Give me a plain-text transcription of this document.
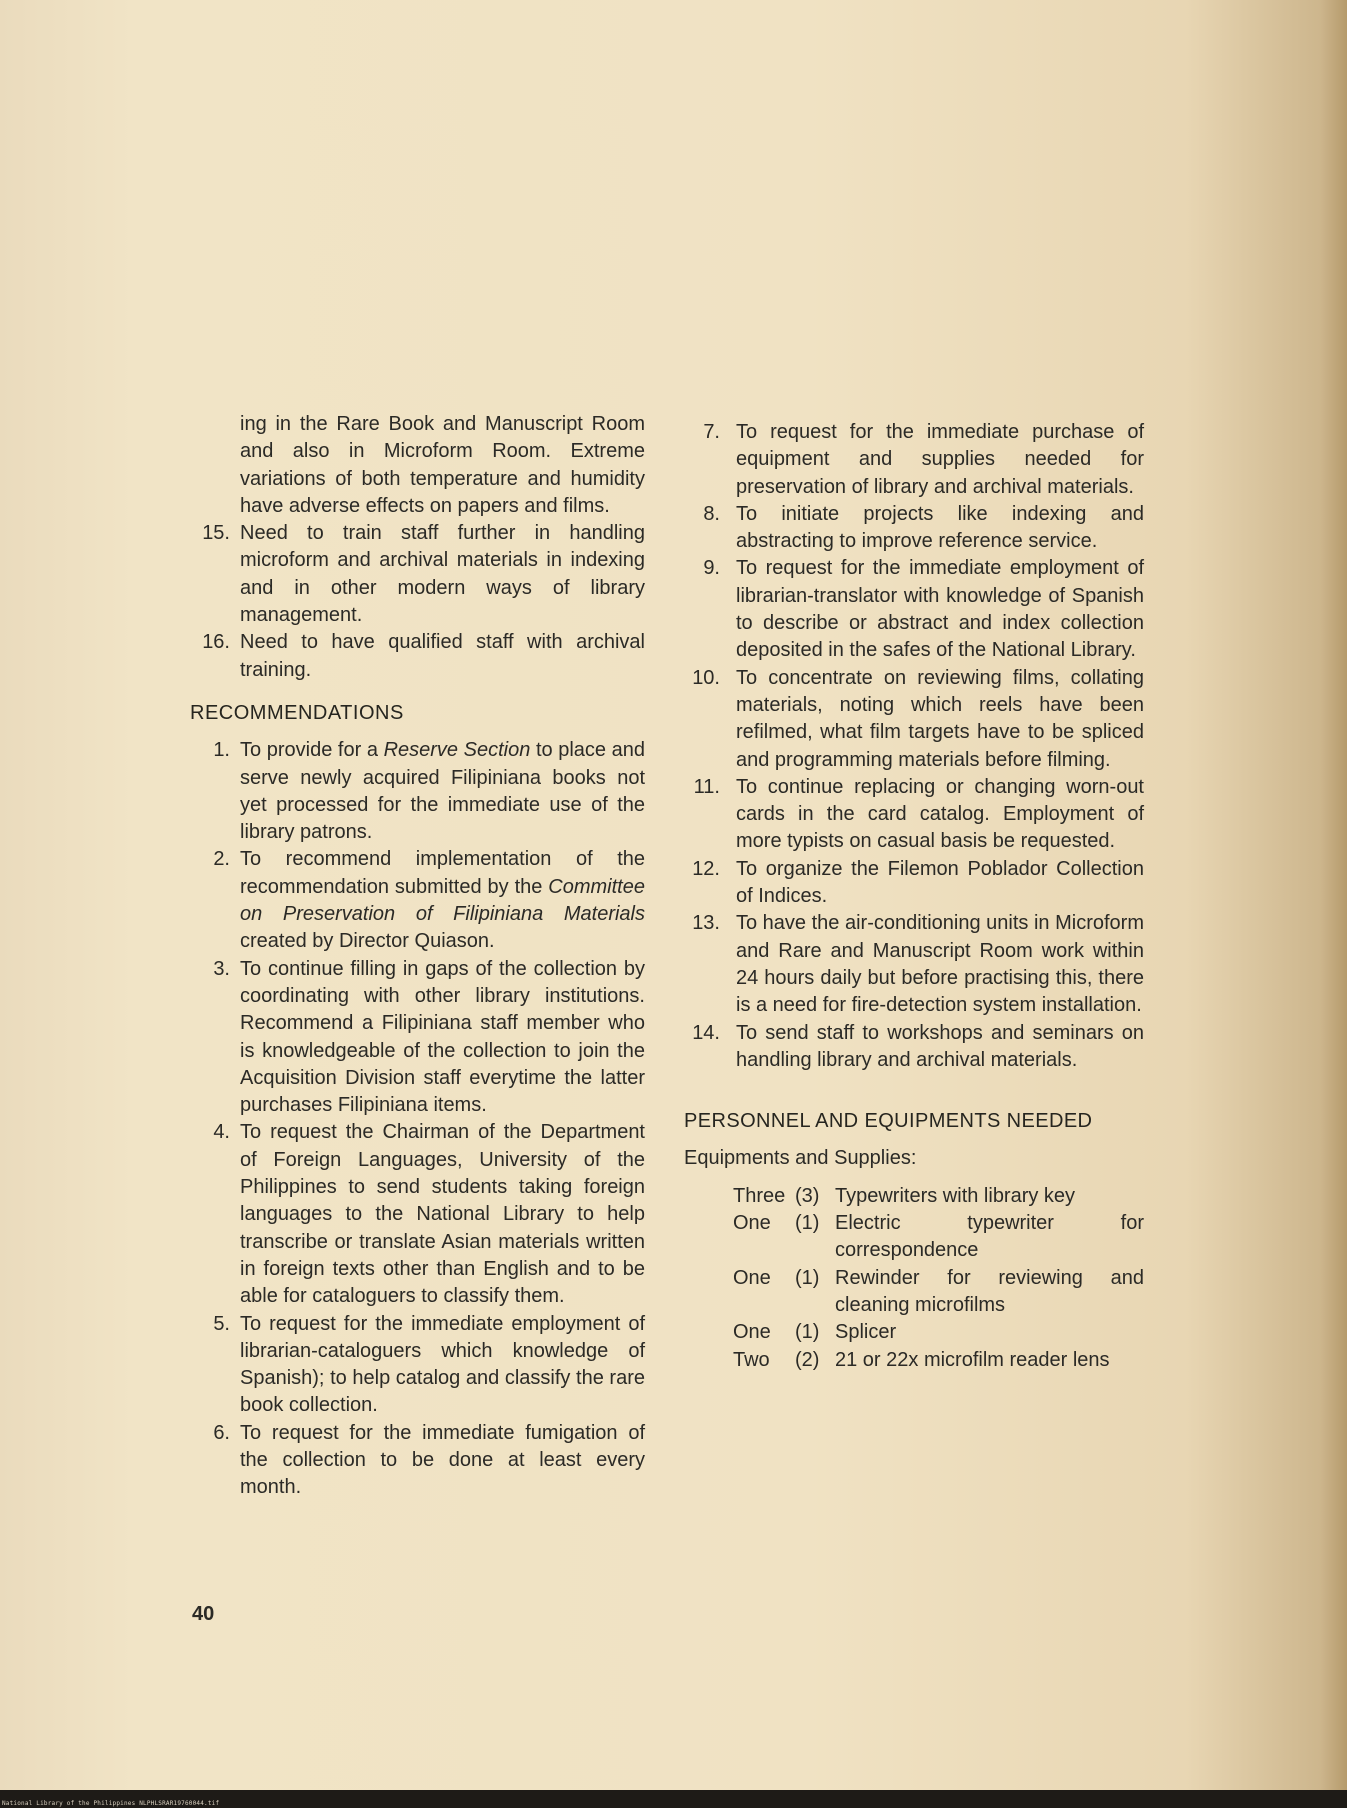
ing in the Rare Book and Manuscript Room and also in Microform Room. Extreme variations of both temperature and humidity have adverse effects on papers and films.

15. Need to train staff further in handling microform and archival materials in indexing and in other modern ways of library management.
16. Need to have qualified staff with archival training.
RECOMMENDATIONS
1. To provide for a Reserve Section to place and serve newly acquired Filipiniana books not yet processed for the immediate use of the library patrons.
2. To recommend implementation of the recommendation submitted by the Committee on Preservation of Filipiniana Materials created by Director Quiason.
3. To continue filling in gaps of the collection by coordinating with other library institutions. Recommend a Filipiniana staff member who is knowledgeable of the collection to join the Acquisition Division staff everytime the latter purchases Filipiniana items.
4. To request the Chairman of the Department of Foreign Languages, University of the Philippines to send students taking foreign languages to the National Library to help transcribe or translate Asian materials written in foreign texts other than English and to be able for cataloguers to classify them.
5. To request for the immediate employment of librarian-cataloguers which knowledge of Spanish); to help catalog and classify the rare book collection.
6. To request for the immediate fumigation of the collection to be done at least every month.
7. To request for the immediate purchase of equipment and supplies needed for preservation of library and archival materials.
8. To initiate projects like indexing and abstracting to improve reference service.
9. To request for the immediate employment of librarian-translator with knowledge of Spanish to describe or abstract and index collection deposited in the safes of the National Library.
10. To concentrate on reviewing films, collating materials, noting which reels have been refilmed, what film targets have to be spliced and programming materials before filming.
11. To continue replacing or changing worn-out cards in the card catalog. Employment of more typists on casual basis be requested.
12. To organize the Filemon Poblador Collection of Indices.
13. To have the air-conditioning units in Microform and Rare and Manuscript Room work within 24 hours daily but before practising this, there is a need for fire-detection system installation.
14. To send staff to workshops and seminars on handling library and archival materials.
PERSONNEL AND EQUIPMENTS NEEDED
Equipments and Supplies:
Three (3) Typewriters with library key
One	(1) Electric typewriter for correspondence
One	(1) Rewinder for reviewing and cleaning microfilms
One	(1) Splicer
Two	(2) 21 or 22x microfilm reader lens
40
National Library of the Philippines NLPHLSRAR19760044.tif
